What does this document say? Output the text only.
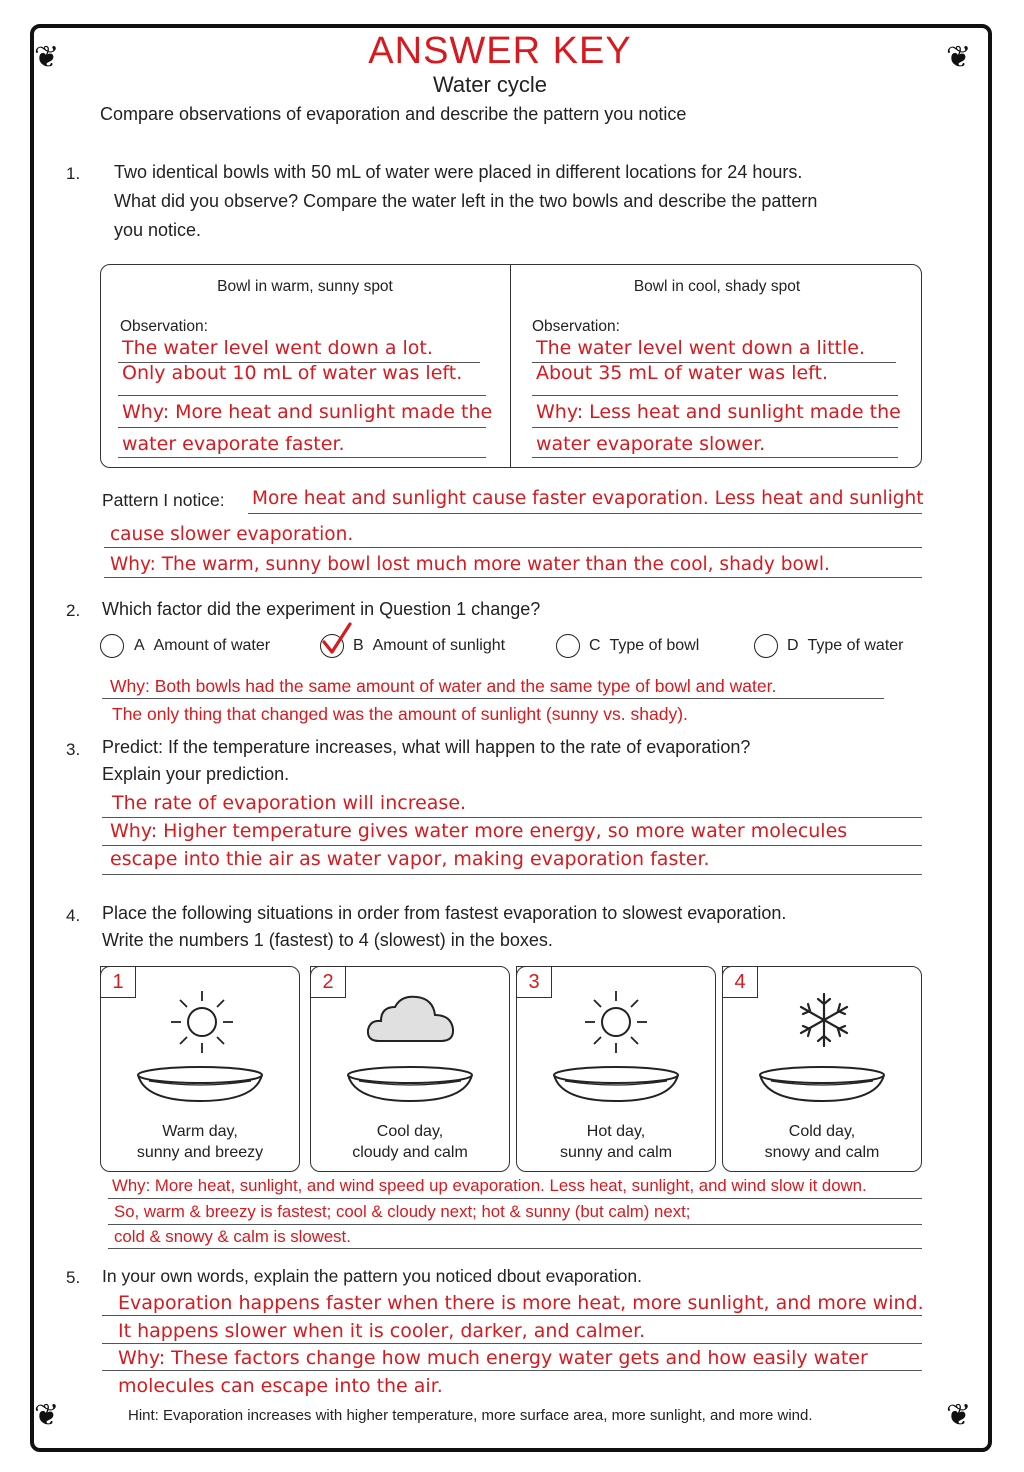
❦	❦
❦	❦
ANSWER KEY
Water cycle
Compare observations of evaporation and describe the pattern you notice
1. Two identical bowls with 50 mL of water were placed in different locations for 24 hours.
What did you observe? Compare the water left in the two bowls and describe the pattern
you notice.
Bowl in warm, sunny spot	Bowl in cool, shady spot
Observation:	Observation:
The water level went down a lot.
Only about 10 mL of water was left.
Why: More heat and sunlight made the
water evaporate faster.
The water level went down a little.
About 35 mL of water was left.
Why: Less heat and sunlight made the
water evaporate slower.
Pattern I notice: More heat and sunlight cause faster evaporation. Less heat and sunlight
cause slower evaporation.
Why: The warm, sunny bowl lost much more water than the cool, shady bowl.
2. Which factor did the experiment in Question 1 change?
A Amount of water	B Amount of sunlight	C Type of bowl	D Type of water
Why: Both bowls had the same amount of water and the same type of bowl and water.
The only thing that changed was the amount of sunlight (sunny vs. shady).
3. Predict: If the temperature increases, what will happen to the rate of evaporation?
Explain your prediction.
The rate of evaporation will increase.
Why: Higher temperature gives water more energy, so more water molecules
escape into thie air as water vapor, making evaporation faster.
4. Place the following situations in order from fastest evaporation to slowest evaporation.
Write the numbers 1 (fastest) to 4 (slowest) in the boxes.
1
Warm day,
sunny and breezy
2
Cool day,
cloudy and calm
3
Hot day,
sunny and calm
4
Cold day,
snowy and calm
Why: More heat, sunlight, and wind speed up evaporation. Less heat, sunlight, and wind slow it down.
So, warm & breezy is fastest; cool & cloudy next; hot & sunny (but calm) next;
cold & snowy & calm is slowest.
5. In your own words, explain the pattern you noticed dbout evaporation.
Evaporation happens faster when there is more heat, more sunlight, and more wind.
It happens slower when it is cooler, darker, and calmer.
Why: These factors change how much energy water gets and how easily water
molecules can escape into the air.
Hint: Evaporation increases with higher temperature, more surface area, more sunlight, and more wind.
